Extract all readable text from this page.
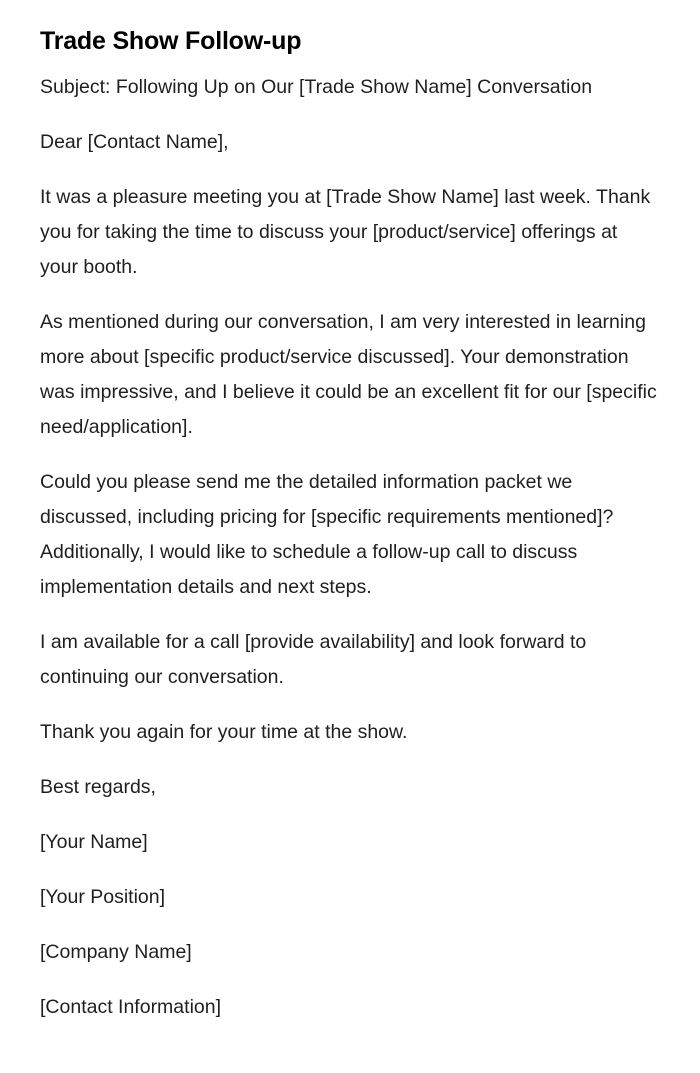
Trade Show Follow-up

Subject: Following Up on Our [Trade Show Name] Conversation

Dear [Contact Name],

It was a pleasure meeting you at [Trade Show Name] last week. Thank you for taking the time to discuss your [product/service] offerings at your booth.

As mentioned during our conversation, I am very interested in learning more about [specific product/service discussed]. Your demonstration was impressive, and I believe it could be an excellent fit for our [specific need/application].

Could you please send me the detailed information packet we discussed, including pricing for [specific requirements mentioned]? Additionally, I would like to schedule a follow-up call to discuss implementation details and next steps.

I am available for a call [provide availability] and look forward to continuing our conversation.

Thank you again for your time at the show.

Best regards,

[Your Name]

[Your Position]

[Company Name]

[Contact Information]
